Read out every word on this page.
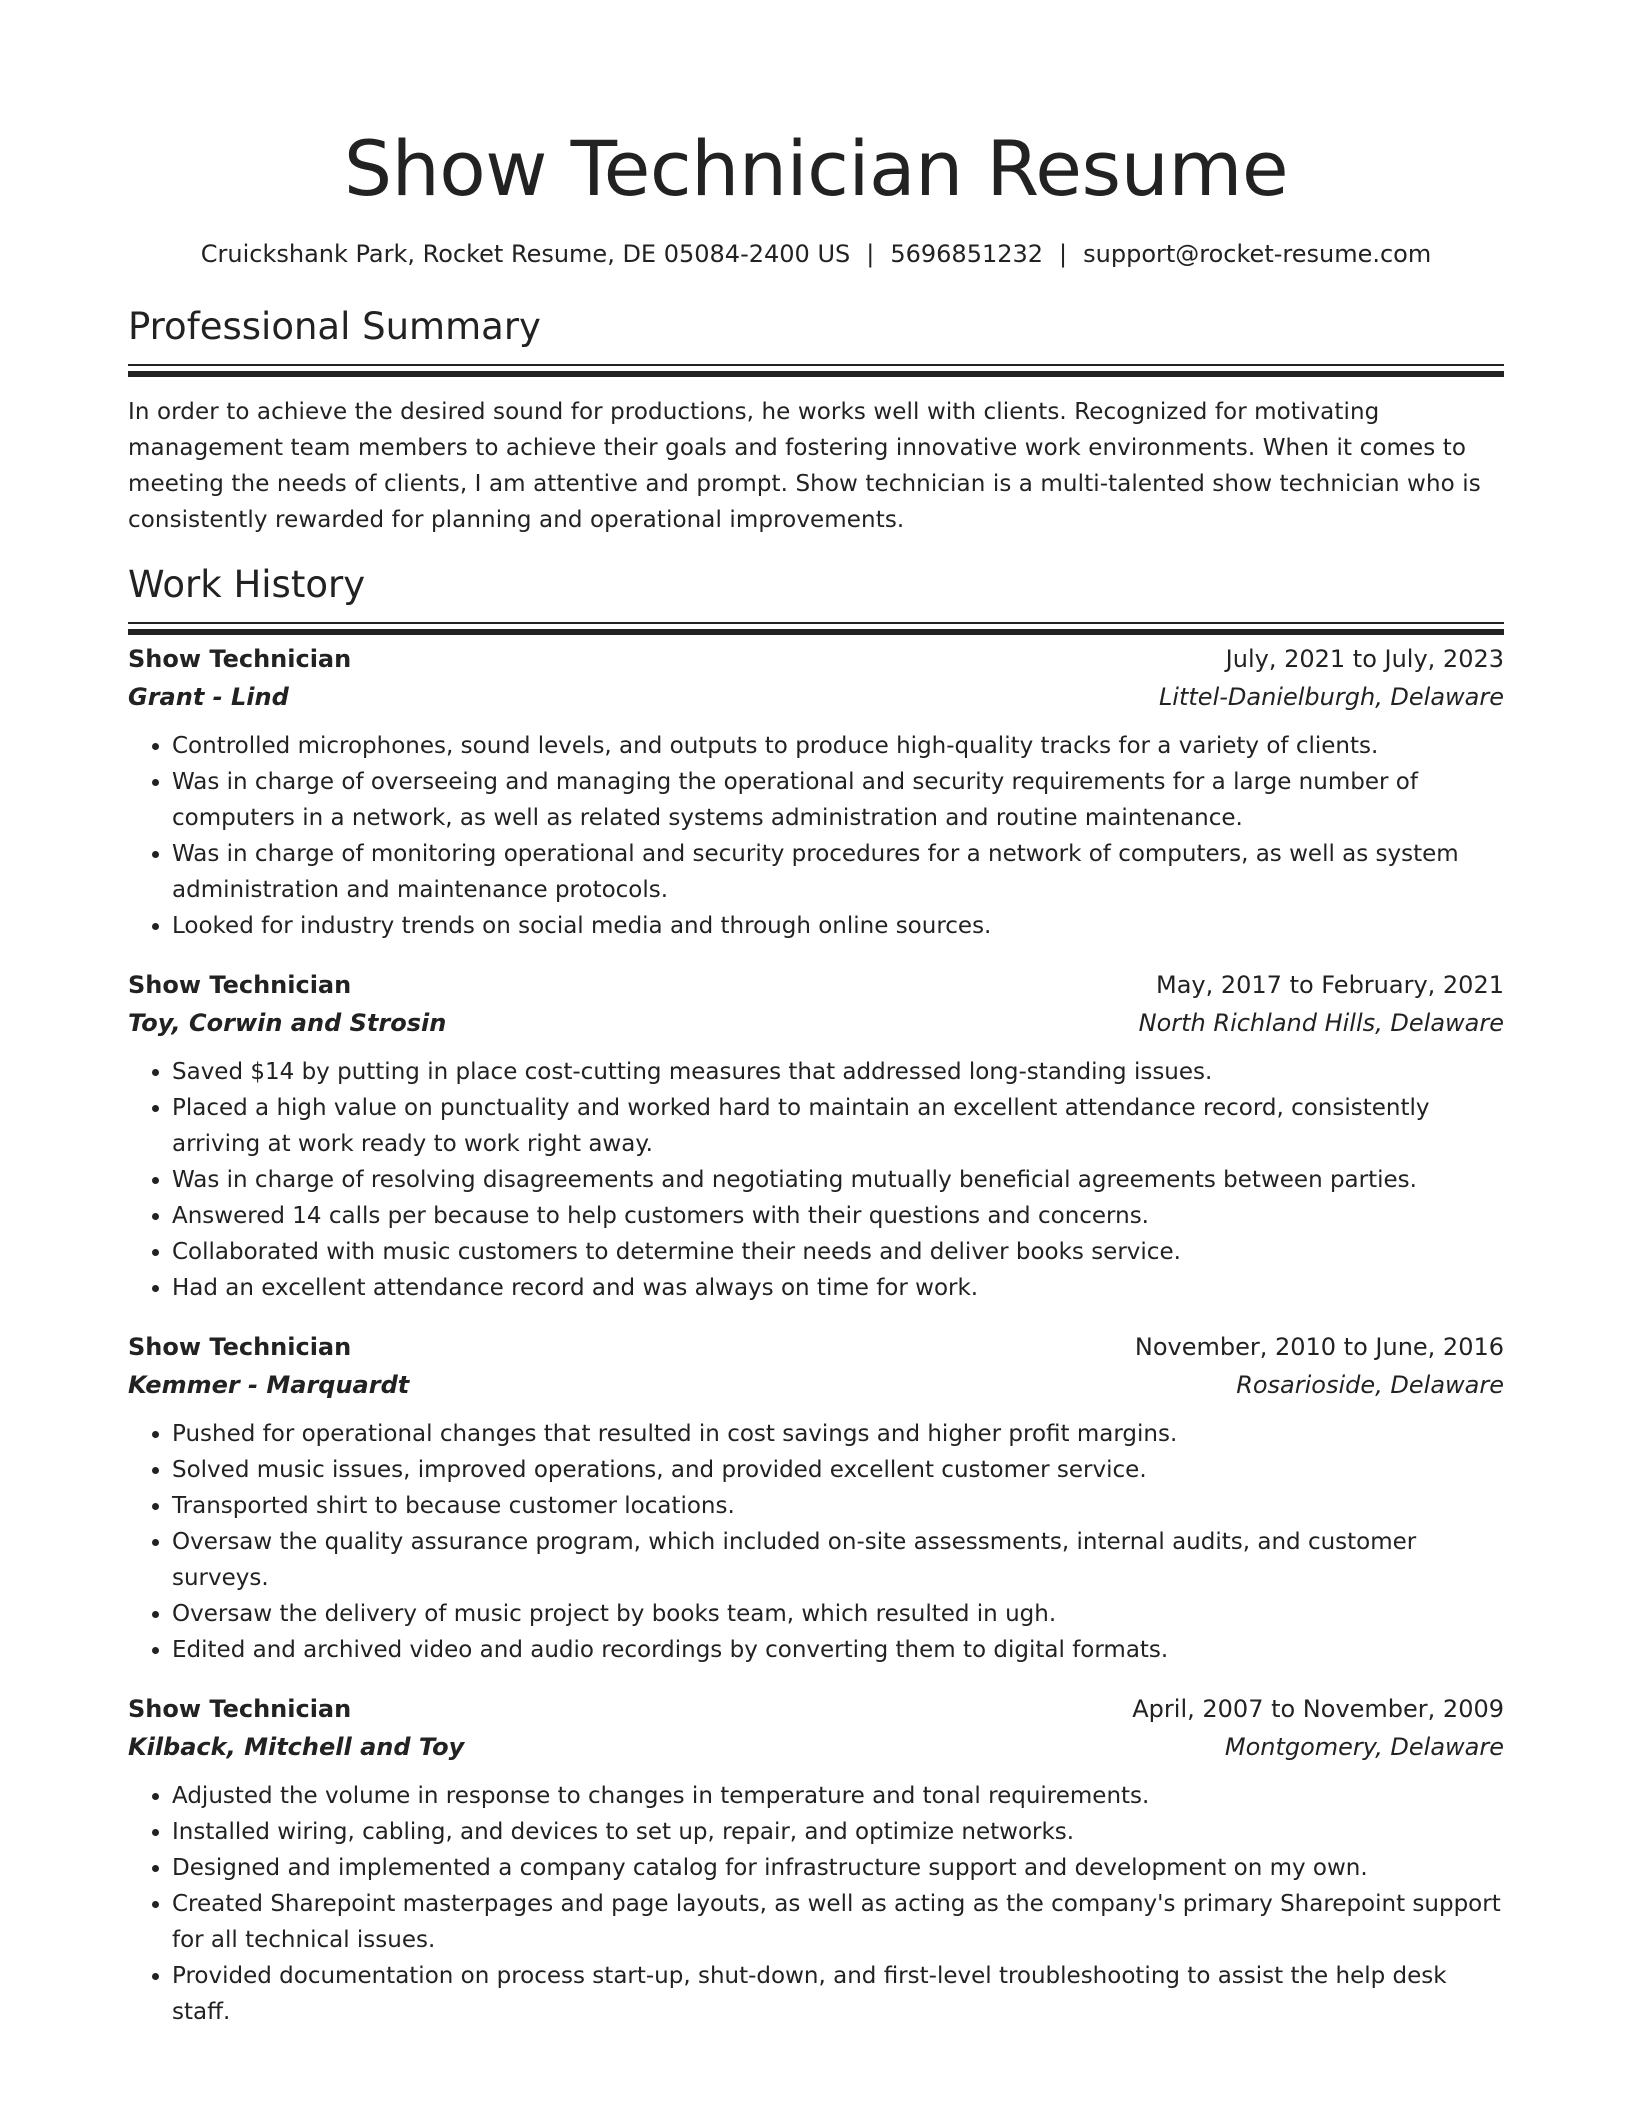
Show Technician Resume
Cruickshank Park, Rocket Resume, DE 05084-2400 US | 5696851232 | support@rocket-resume.com
Professional Summary

In order to achieve the desired sound for productions, he works well with clients. Recognized for motivating management team members to achieve their goals and fostering innovative work environments. When it comes to meeting the needs of clients, I am attentive and prompt. Show technician is a multi-talented show technician who is consistently rewarded for planning and operational improvements.

Work History
Show Technician	July, 2021 to July, 2023
Grant - Lind	Littel-Danielburgh, Delaware
• Controlled microphones, sound levels, and outputs to produce high-quality tracks for a variety of clients.
• Was in charge of overseeing and managing the operational and security requirements for a large number of computers in a network, as well as related systems administration and routine maintenance.
• Was in charge of monitoring operational and security procedures for a network of computers, as well as system administration and maintenance protocols.
• Looked for industry trends on social media and through online sources.
Show Technician	May, 2017 to February, 2021
Toy, Corwin and Strosin	North Richland Hills, Delaware
• Saved $14 by putting in place cost-cutting measures that addressed long-standing issues.
• Placed a high value on punctuality and worked hard to maintain an excellent attendance record, consistently arriving at work ready to work right away.
• Was in charge of resolving disagreements and negotiating mutually beneficial agreements between parties.
• Answered 14 calls per because to help customers with their questions and concerns.
• Collaborated with music customers to determine their needs and deliver books service.
• Had an excellent attendance record and was always on time for work.
Show Technician	November, 2010 to June, 2016
Kemmer - Marquardt	Rosarioside, Delaware
• Pushed for operational changes that resulted in cost savings and higher profit margins.
• Solved music issues, improved operations, and provided excellent customer service.
• Transported shirt to because customer locations.
• Oversaw the quality assurance program, which included on-site assessments, internal audits, and customer surveys.
• Oversaw the delivery of music project by books team, which resulted in ugh.
• Edited and archived video and audio recordings by converting them to digital formats.
Show Technician	April, 2007 to November, 2009
Kilback, Mitchell and Toy	Montgomery, Delaware
• Adjusted the volume in response to changes in temperature and tonal requirements.
• Installed wiring, cabling, and devices to set up, repair, and optimize networks.
• Designed and implemented a company catalog for infrastructure support and development on my own.
• Created Sharepoint masterpages and page layouts, as well as acting as the company's primary Sharepoint support for all technical issues.
• Provided documentation on process start-up, shut-down, and first-level troubleshooting to assist the help desk staff.
